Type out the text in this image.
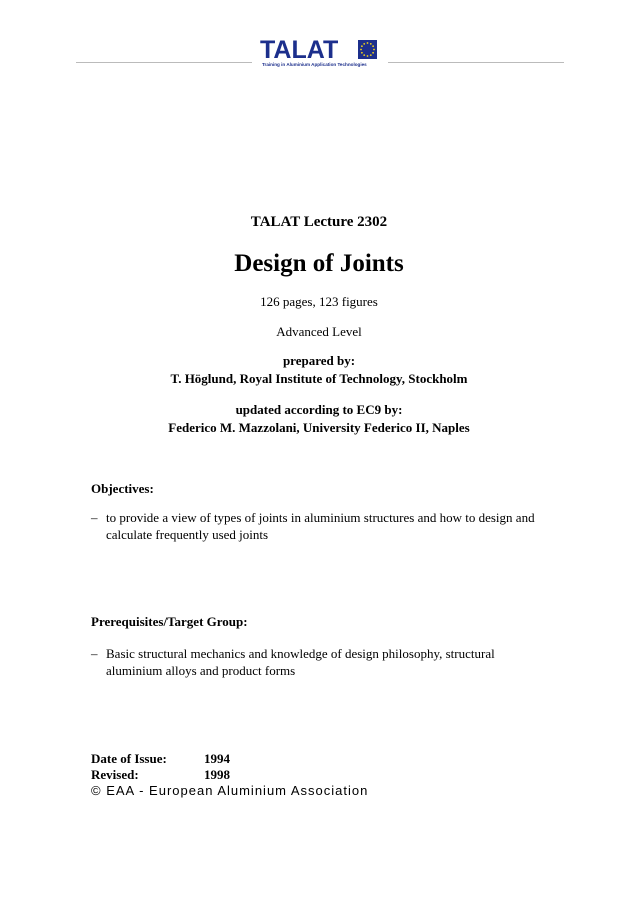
TALAT
Training in Aluminium Application Technologies
TALAT Lecture 2302
Design of Joints
126 pages, 123 figures
Advanced Level
prepared by:
T. Höglund, Royal Institute of Technology, Stockholm
updated according to EC9 by:
Federico M. Mazzolani, University Federico II, Naples
Objectives:
– to provide a view of types of joints in aluminium structures and how to design and calculate frequently used joints
Prerequisites/Target Group:
– Basic structural mechanics and knowledge of design philosophy, structural aluminium alloys and product forms
Date of Issue:	1994
Revised:	1998
© EAA - European Aluminium Association
